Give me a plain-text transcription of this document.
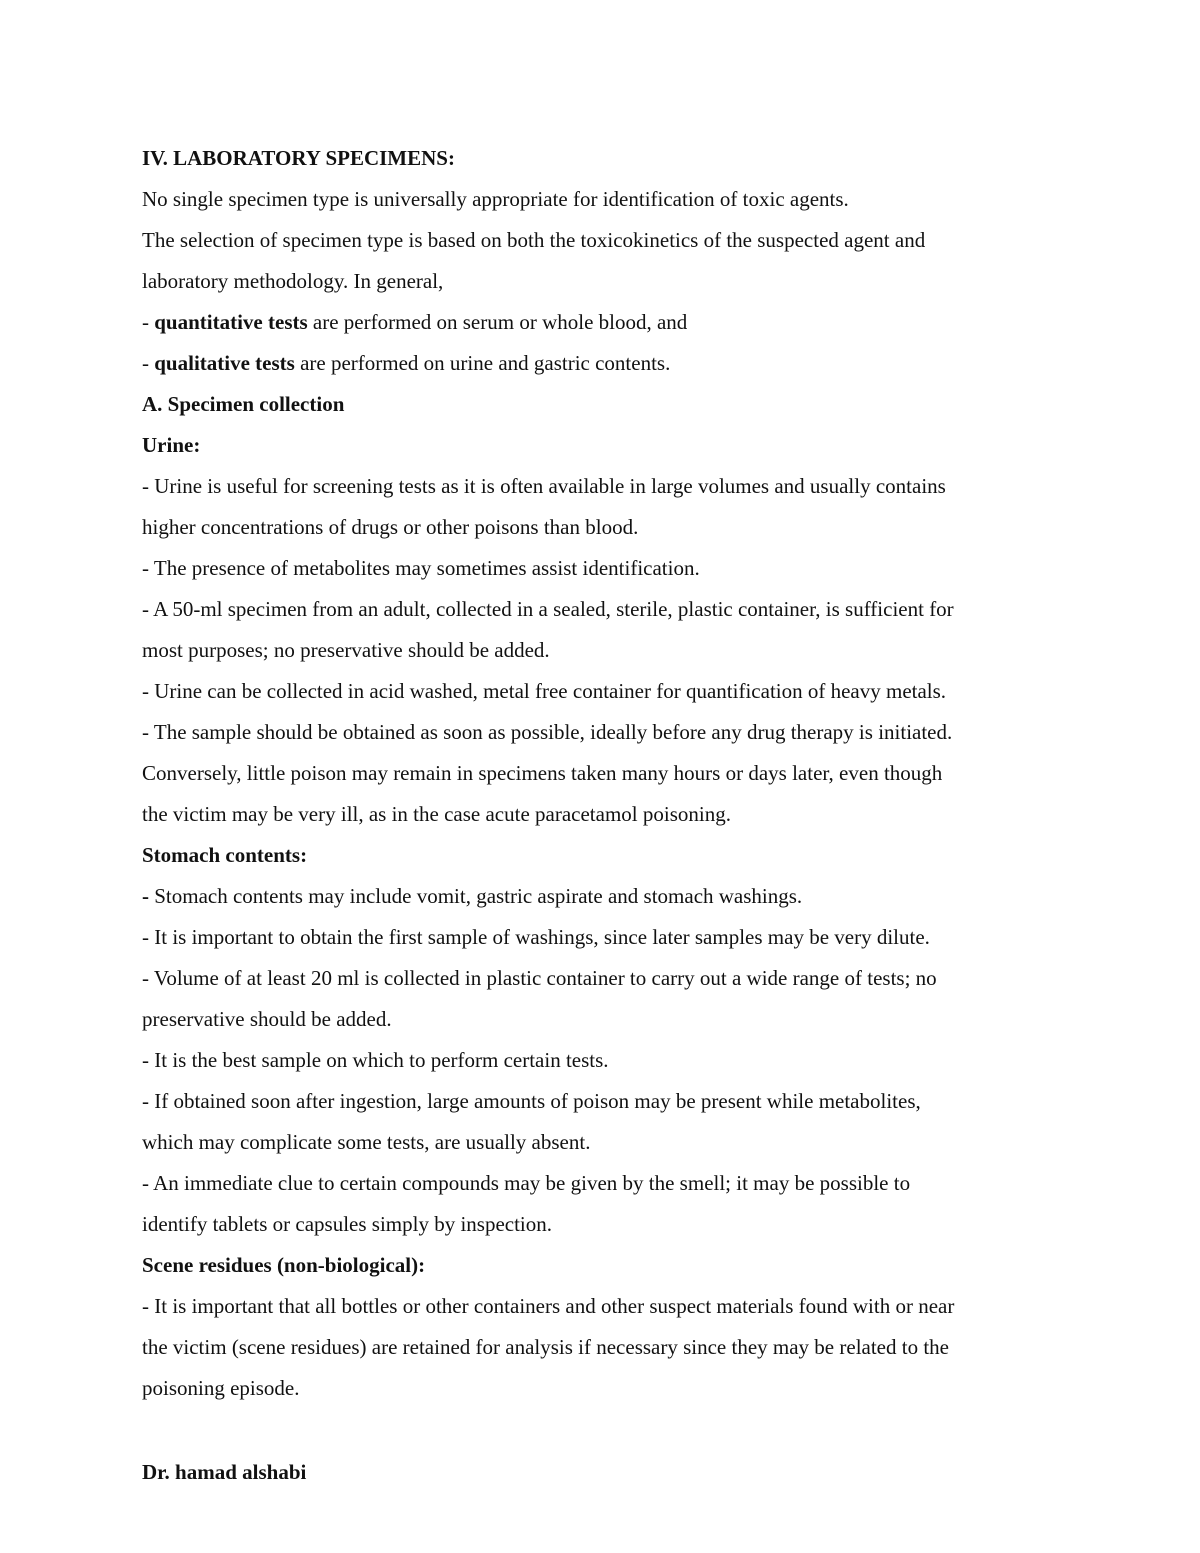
IV. LABORATORY SPECIMENS:

No single specimen type is universally appropriate for identification of toxic agents.

The selection of specimen type is based on both the toxicokinetics of the suspected agent and

laboratory methodology. In general,

- quantitative tests are performed on serum or whole blood, and

- qualitative tests are performed on urine and gastric contents.

A. Specimen collection

Urine:

- Urine is useful for screening tests as it is often available in large volumes and usually contains

higher concentrations of drugs or other poisons than blood.

- The presence of metabolites may sometimes assist identification.

- A 50-ml specimen from an adult, collected in a sealed, sterile, plastic container, is sufficient for

most purposes; no preservative should be added.

- Urine can be collected in acid washed, metal free container for quantification of heavy metals.

- The sample should be obtained as soon as possible, ideally before any drug therapy is initiated.

Conversely, little poison may remain in specimens taken many hours or days later, even though

the victim may be very ill, as in the case acute paracetamol poisoning.

Stomach contents:

- Stomach contents may include vomit, gastric aspirate and stomach washings.

- It is important to obtain the first sample of washings, since later samples may be very dilute.

- Volume of at least 20 ml is collected in plastic container to carry out a wide range of tests; no

preservative should be added.

- It is the best sample on which to perform certain tests.

- If obtained soon after ingestion, large amounts of poison may be present while metabolites,

which may complicate some tests, are usually absent.

- An immediate clue to certain compounds may be given by the smell; it may be possible to

identify tablets or capsules simply by inspection.

Scene residues (non-biological):

- It is important that all bottles or other containers and other suspect materials found with or near

the victim (scene residues) are retained for analysis if necessary since they may be related to the

poisoning episode.

Dr. hamad alshabi
